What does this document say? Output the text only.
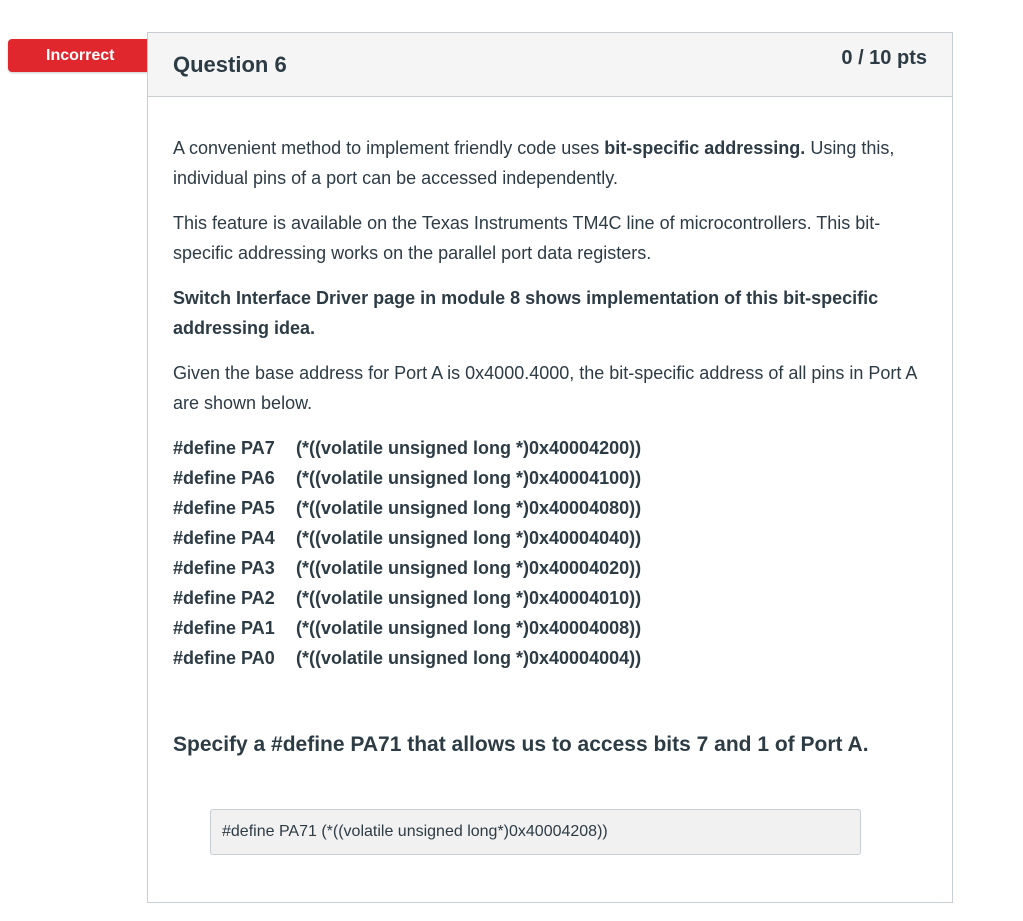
Incorrect	Question 6	0 / 10 pts

A convenient method to implement friendly code uses bit-specific addressing. Using this, individual pins of a port can be accessed independently.

This feature is available on the Texas Instruments TM4C line of microcontrollers. This bit-specific addressing works on the parallel port data registers.

Switch Interface Driver page in module 8 shows implementation of this bit-specific addressing idea.

Given the base address for Port A is 0x4000.4000, the bit-specific address of all pins in Port A are shown below.

#define PA7	(*((volatile unsigned long *)0x40004200))
#define PA6	(*((volatile unsigned long *)0x40004100))
#define PA5	(*((volatile unsigned long *)0x40004080))
#define PA4	(*((volatile unsigned long *)0x40004040))
#define PA3	(*((volatile unsigned long *)0x40004020))
#define PA2	(*((volatile unsigned long *)0x40004010))
#define PA1	(*((volatile unsigned long *)0x40004008))
#define PA0	(*((volatile unsigned long *)0x40004004))
Specify a #define PA71 that allows us to access bits 7 and 1 of Port A.
#define PA71 (*((volatile unsigned long*)0x40004208))
